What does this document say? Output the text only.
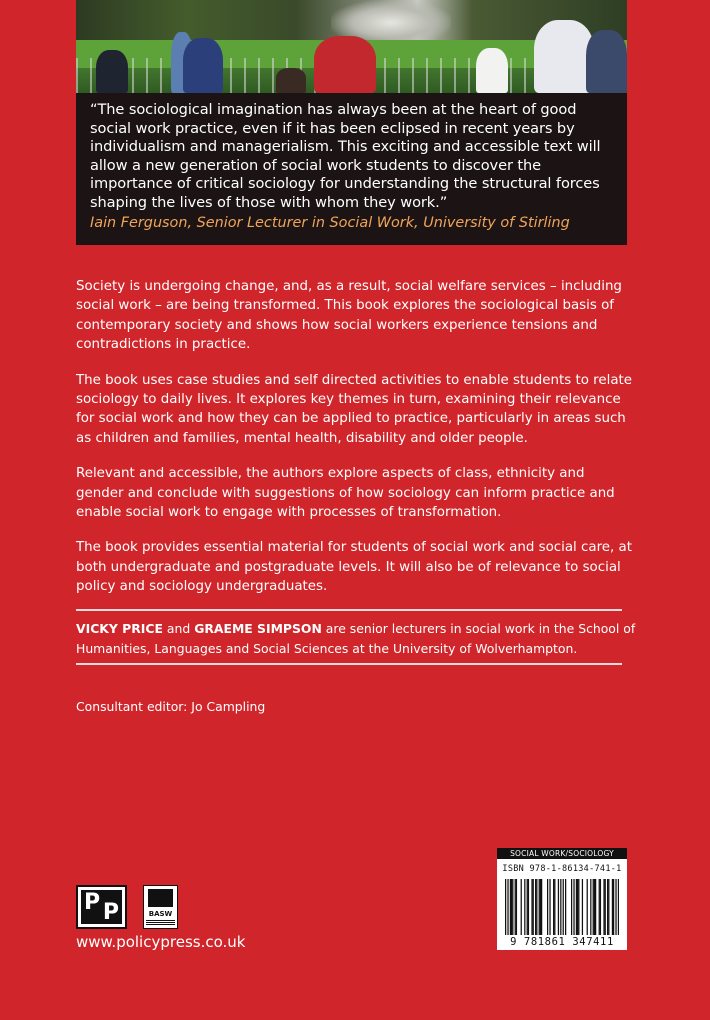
“The sociological imagination has always been at the heart of good social work practice, even if it has been eclipsed in recent years by individualism and managerialism. This exciting and accessible text will allow a new generation of social work students to discover the importance of critical sociology for understanding the structural forces shaping the lives of those with whom they work.”

Iain Ferguson, Senior Lecturer in Social Work, University of Stirling

Society is undergoing change, and, as a result, social welfare services – including social work – are being transformed. This book explores the sociological basis of contemporary society and shows how social workers experience tensions and contradictions in practice.

The book uses case studies and self directed activities to enable students to relate sociology to daily lives. It explores key themes in turn, examining their relevance for social work and how they can be applied to practice, particularly in areas such as children and families, mental health, disability and older people.

Relevant and accessible, the authors explore aspects of class, ethnicity and gender and conclude with suggestions of how sociology can inform practice and enable social work to engage with processes of transformation.

The book provides essential material for students of social work and social care, at both undergraduate and postgraduate levels. It will also be of relevance to social policy and sociology undergraduates.

VICKY PRICE and GRAEME SIMPSON are senior lecturers in social work in the School of Humanities, Languages and Social Sciences at the University of Wolverhampton.
Consultant editor: Jo Campling
P P	BASW
www.policypress.co.uk
SOCIAL WORK/SOCIOLOGY
ISBN 978-1-86134-741-1
9 781861 347411
